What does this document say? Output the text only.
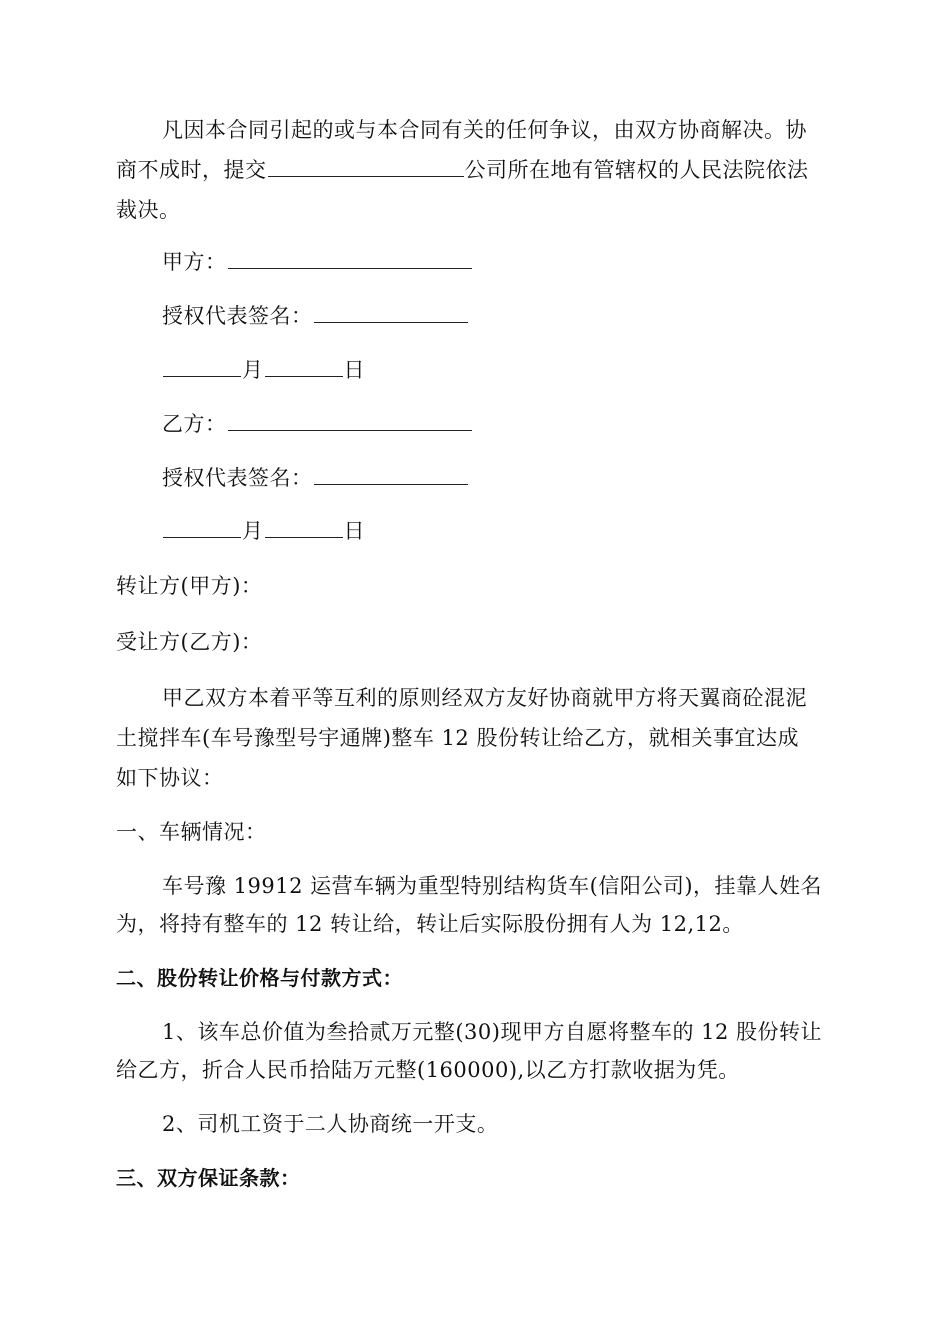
凡因本合同引起的或与本合同有关的任何争议，由双方协商解决。协
商不成时，提交	公司所在地有管辖权的人民法院依法
裁决。
甲方：
授权代表签名：
月	日
乙方：
授权代表签名：
月	日
转让方(甲方)：
受让方(乙方)：
甲乙双方本着平等互利的原则经双方友好协商就甲方将天翼商砼混泥
土搅拌车(车号豫型号宇通牌)整车 12 股份转让给乙方，就相关事宜达成
如下协议：
一、车辆情况：
车号豫 19912 运营车辆为重型特别结构货车(信阳公司)，挂靠人姓名
为，将持有整车的 12 转让给，转让后实际股份拥有人为 12,12。
二、股份转让价格与付款方式：
1、该车总价值为叁拾贰万元整(30)现甲方自愿将整车的 12 股份转让
给乙方，折合人民币拾陆万元整(160000),以乙方打款收据为凭。
2、司机工资于二人协商统一开支。
三、双方保证条款：
